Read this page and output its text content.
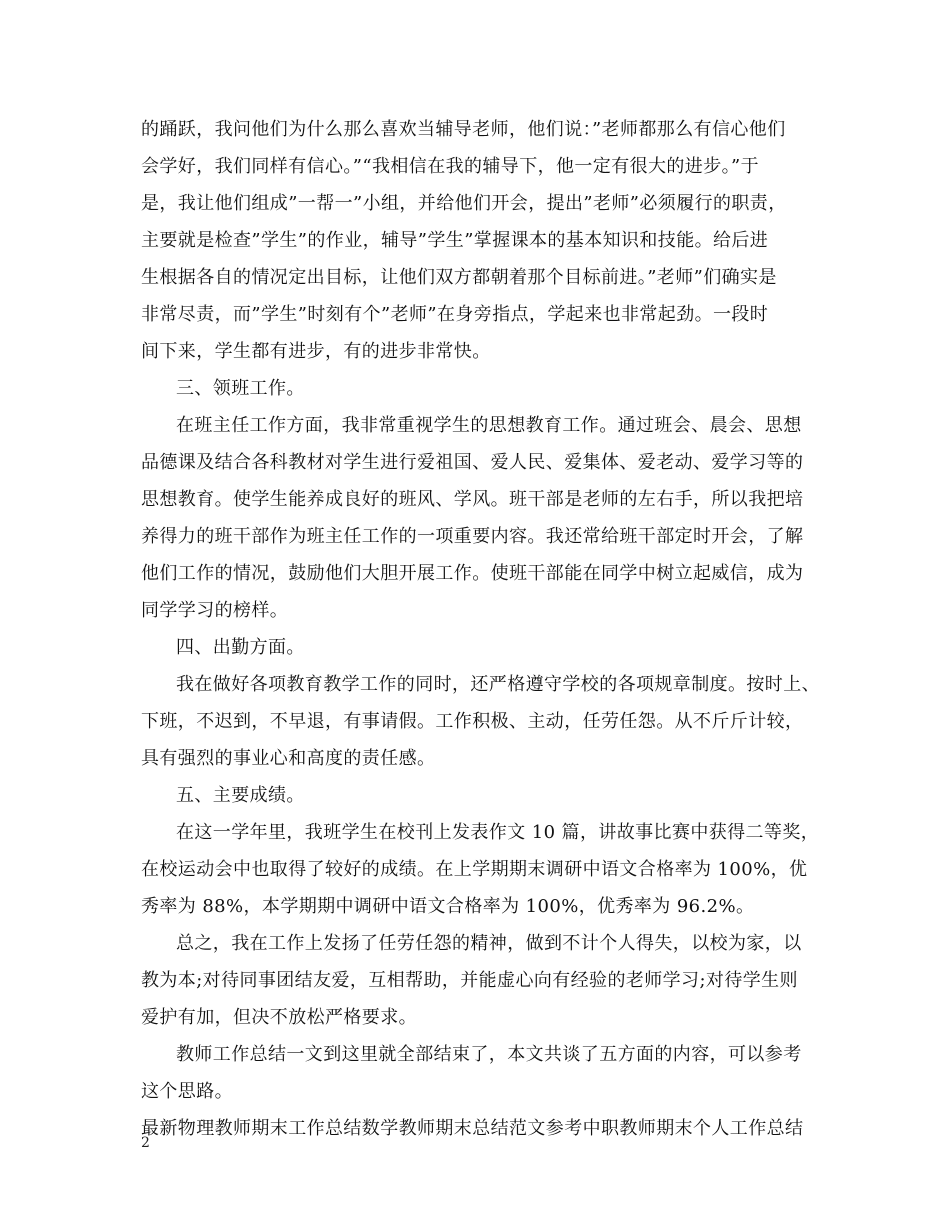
的踊跃，我问他们为什么那么喜欢当辅导老师，他们说：”老师都那么有信心他们
会学好，我们同样有信心。”“我相信在我的辅导下，他一定有很大的进步。”于
是，我让他们组成”一帮一”小组，并给他们开会，提出”老师”必须履行的职责，
主要就是检查”学生”的作业，辅导”学生”掌握课本的基本知识和技能。给后进
生根据各自的情况定出目标，让他们双方都朝着那个目标前进。”老师”们确实是
非常尽责，而”学生”时刻有个”老师”在身旁指点，学起来也非常起劲。一段时
间下来，学生都有进步，有的进步非常快。
三、领班工作。
在班主任工作方面，我非常重视学生的思想教育工作。通过班会、晨会、思想
品德课及结合各科教材对学生进行爱祖国、爱人民、爱集体、爱老动、爱学习等的
思想教育。使学生能养成良好的班风、学风。班干部是老师的左右手，所以我把培
养得力的班干部作为班主任工作的一项重要内容。我还常给班干部定时开会，了解
他们工作的情况，鼓励他们大胆开展工作。使班干部能在同学中树立起威信，成为
同学学习的榜样。
四、出勤方面。
我在做好各项教育教学工作的同时，还严格遵守学校的各项规章制度。按时上、
下班，不迟到，不早退，有事请假。工作积极、主动，任劳任怨。从不斤斤计较，
具有强烈的事业心和高度的责任感。
五、主要成绩。
在这一学年里，我班学生在校刊上发表作文 10 篇，讲故事比赛中获得二等奖，
在校运动会中也取得了较好的成绩。在上学期期末调研中语文合格率为 100%，优
秀率为 88%，本学期期中调研中语文合格率为 100%，优秀率为 96.2%。
总之，我在工作上发扬了任劳任怨的精神，做到不计个人得失，以校为家，以
教为本;对待同事团结友爱，互相帮助，并能虚心向有经验的老师学习;对待学生则
爱护有加，但决不放松严格要求。
教师工作总结一文到这里就全部结束了，本文共谈了五方面的内容，可以参考
这个思路。
最新物理教师期末工作总结数学教师期末总结范文参考中职教师期末个人工作总结
2
